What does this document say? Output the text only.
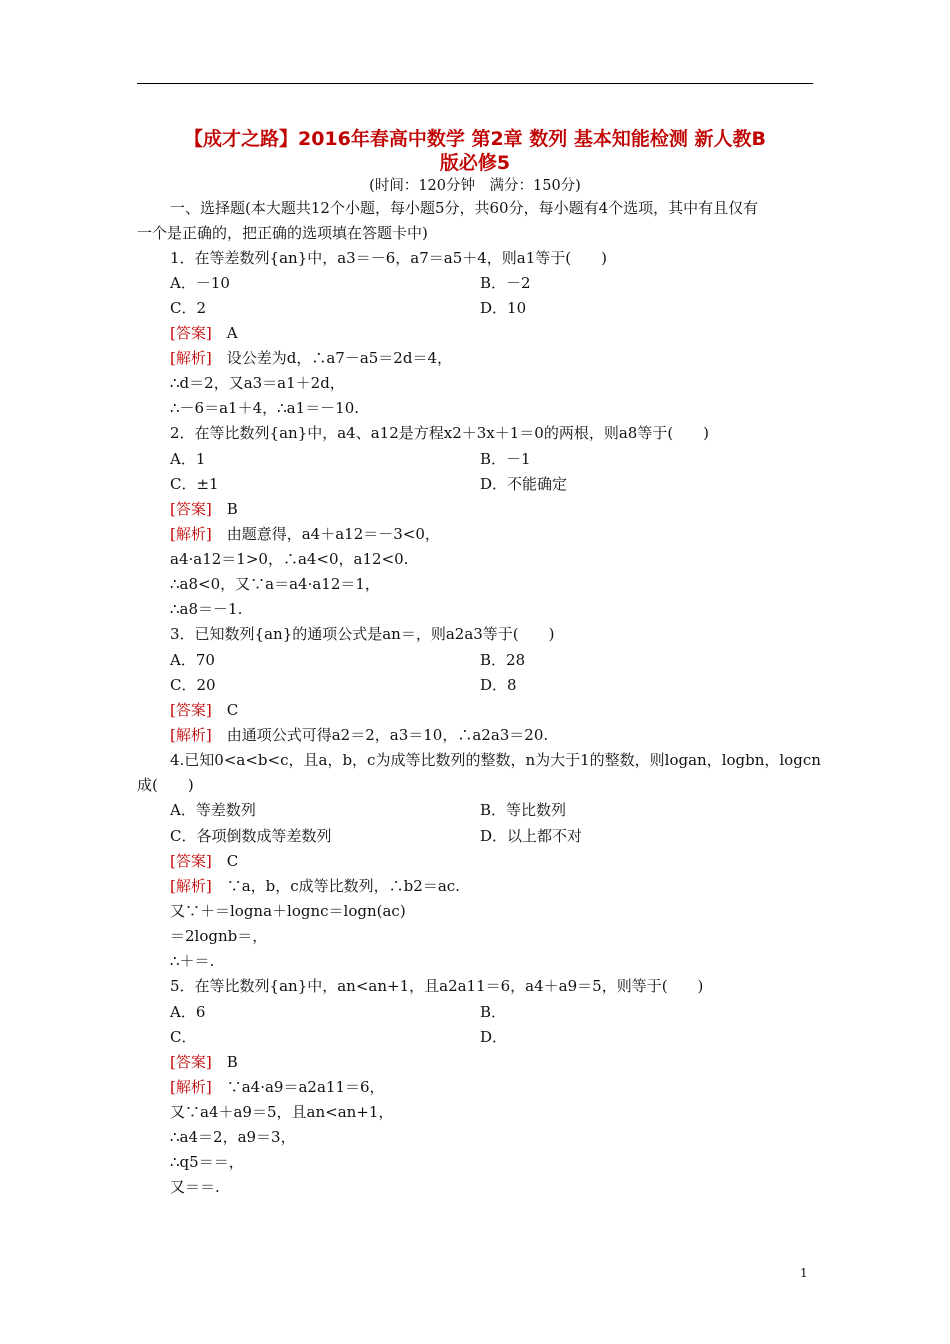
【成才之路】2016年春高中数学 第2章 数列 基本知能检测 新人教B
版必修5
(时间：120分钟　满分：150分)
一、选择题(本大题共12个小题，每小题5分，共60分，每小题有4个选项，其中有且仅有
一个是正确的，把正确的选项填在答题卡中)
1．在等差数列{an}中，a3＝－6，a7＝a5＋4，则a1等于(　　)
A．－10	B．－2
C．2	D．10
[答案]　 A
[解析]　 设公差为d，∴a7－a5＝2d＝4，
∴d＝2，又a3＝a1＋2d，
∴－6＝a1＋4，∴a1＝－10.
2．在等比数列{an}中，a4、a12是方程x2＋3x＋1＝0的两根，则a8等于(　　)
A．1	B．－1
C．±1	D．不能确定
[答案]　 B
[解析]　 由题意得，a4＋a12＝－3<0，
a4·a12＝1>0，∴a4<0，a12<0.
∴a8<0，又∵a＝a4·a12＝1，
∴a8＝－1.
3．已知数列{an}的通项公式是an＝，则a2a3等于(　　)
A．70	B．28
C．20	D．8
[答案]　 C
[解析]　 由通项公式可得a2＝2，a3＝10，∴a2a3＝20.
4.已知0<a<b<c，且a，b，c为成等比数列的整数，n为大于1的整数，则logan，logbn，logcn
成(　　)
A．等差数列	B．等比数列
C．各项倒数成等差数列	D．以上都不对
[答案]　 C
[解析]　 ∵a，b，c成等比数列，∴b2＝ac.
又∵＋＝logna＋lognc＝logn(ac)
＝2lognb＝，
∴＋＝.
5．在等比数列{an}中，an<an+1，且a2a11＝6，a4＋a9＝5，则等于(　　)
A．6	B．
C．	D．
[答案]　 B
[解析]　 ∵a4·a9＝a2a11＝6，
又∵a4＋a9＝5，且an<an+1，
∴a4＝2，a9＝3，
∴q5＝＝，
又＝＝.
1
